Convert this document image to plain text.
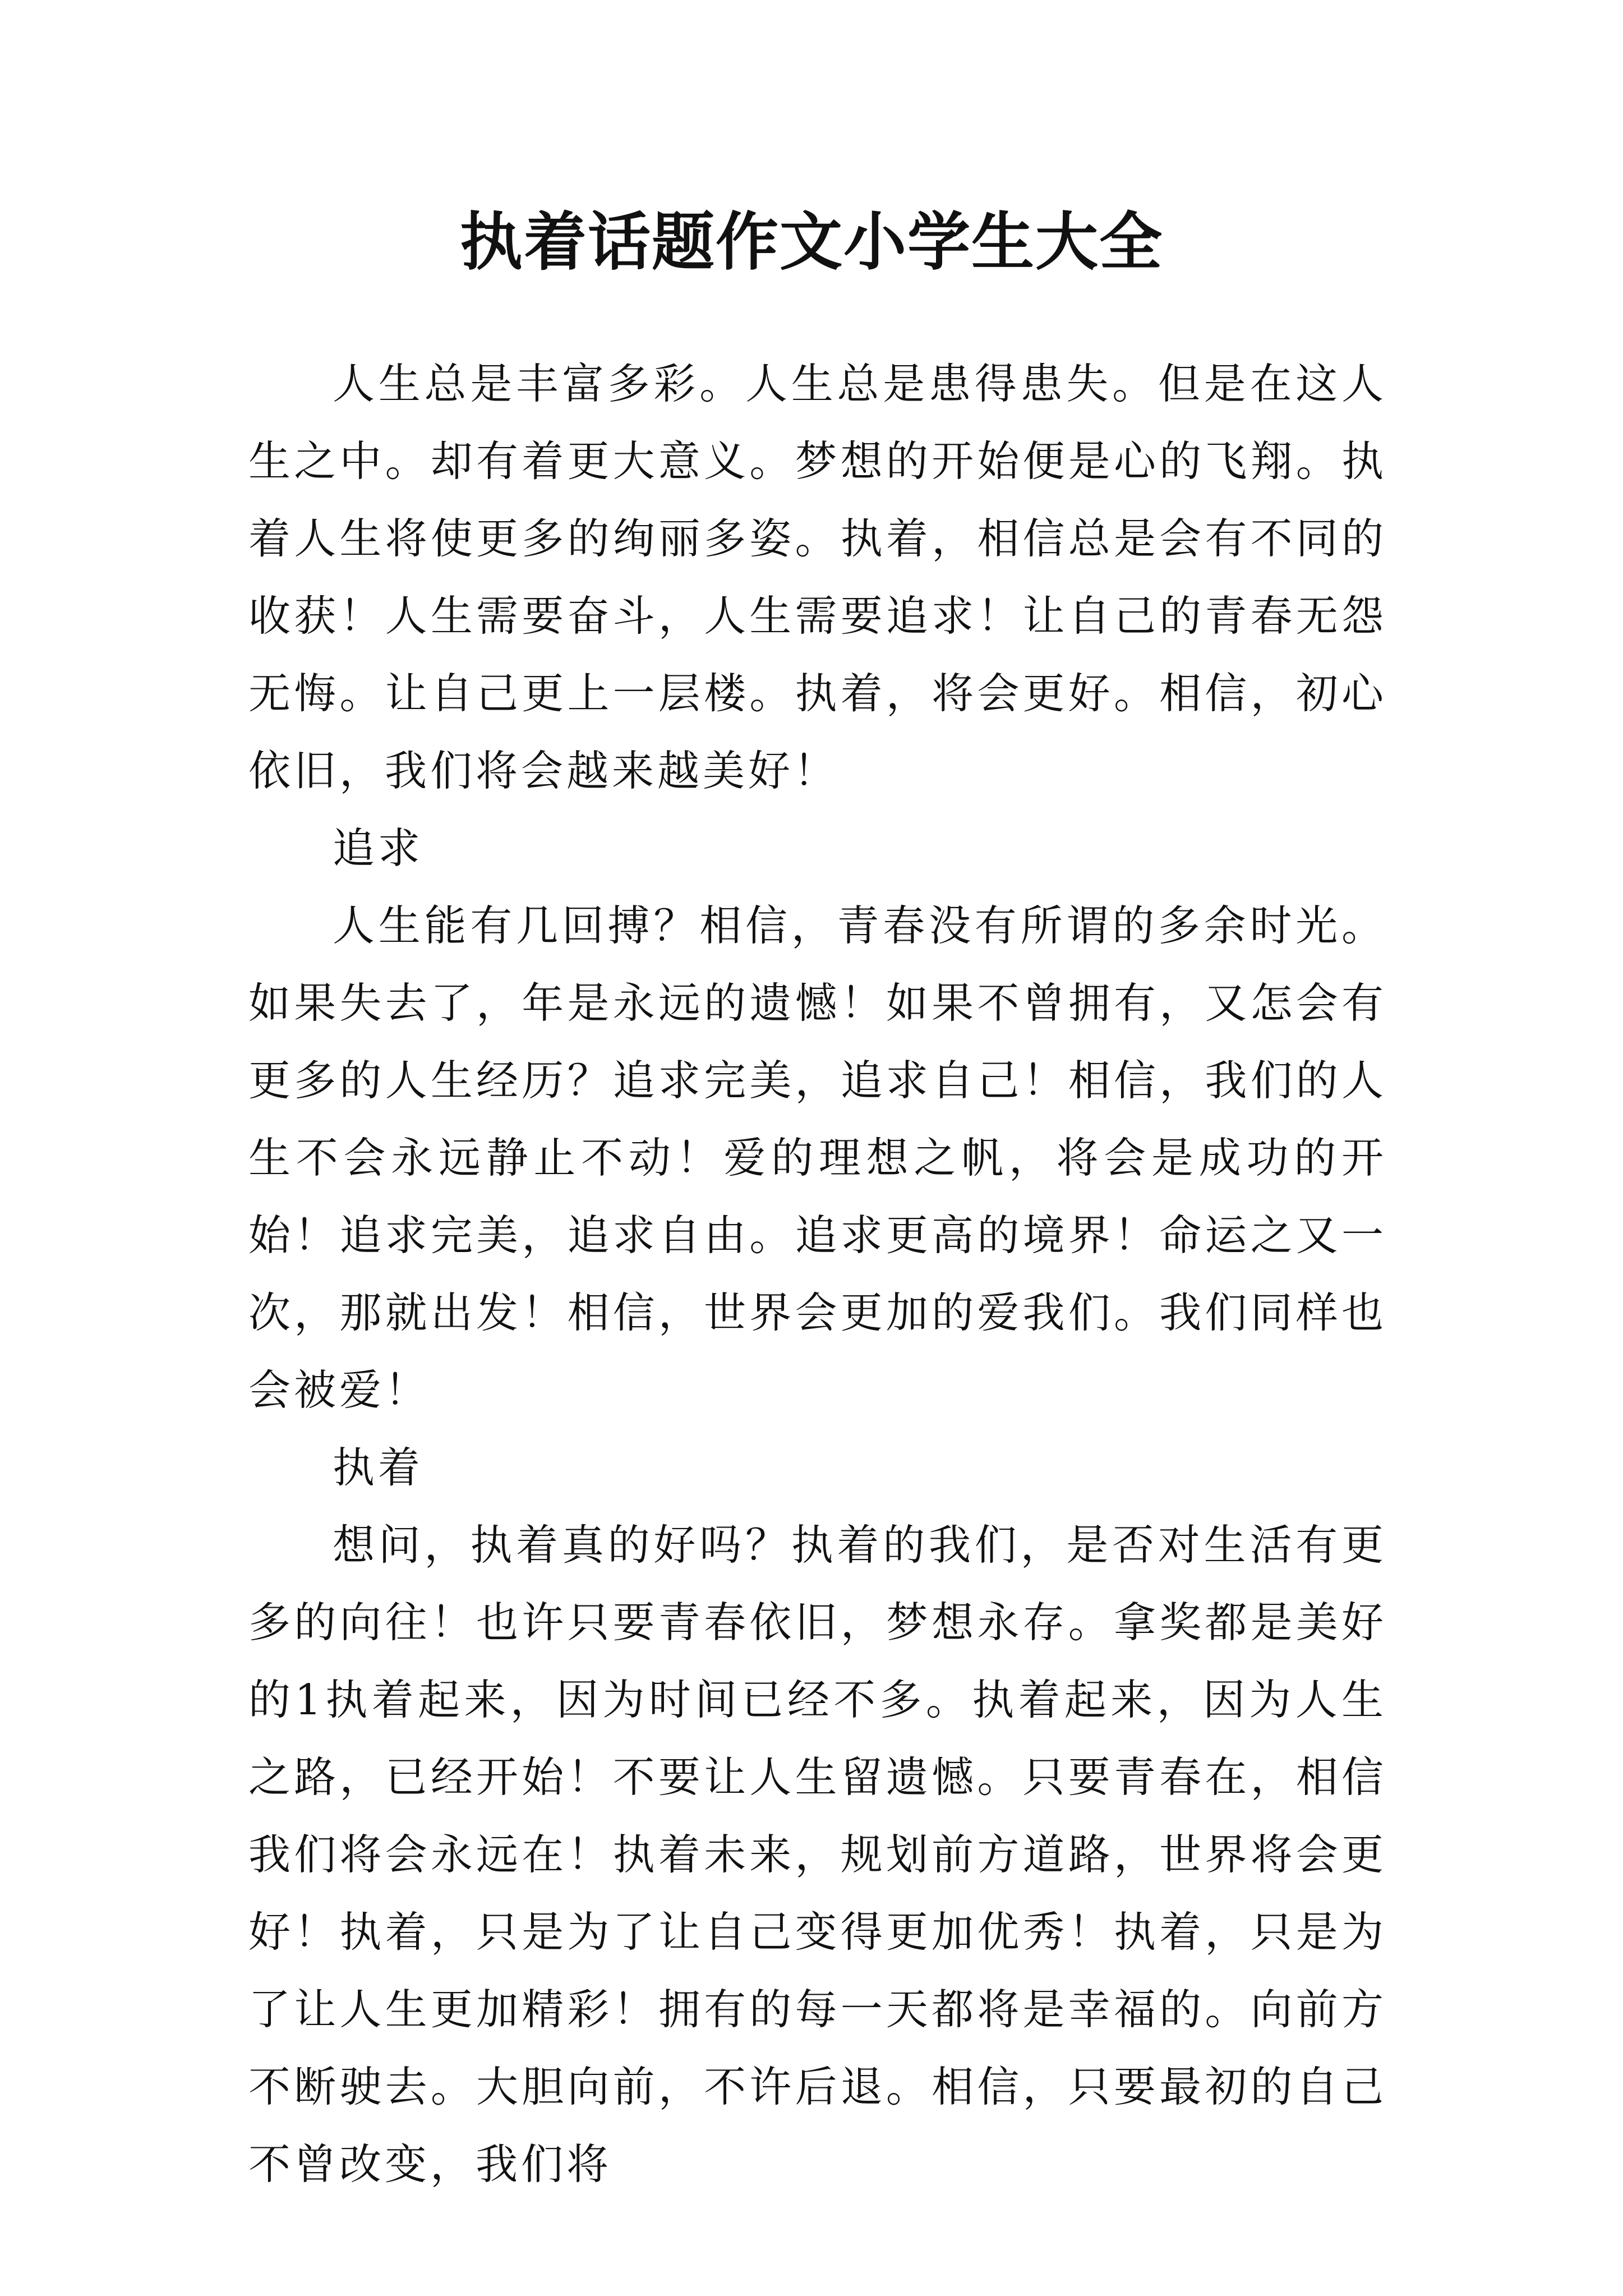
执着话题作文小学生大全

人生总是丰富多彩。人生总是患得患失。但是在这人生之中。却有着更大意义。梦想的开始便是心的飞翔。执着人生将使更多的绚丽多姿。执着，相信总是会有不同的收获！人生需要奋斗，人生需要追求！让自己的青春无怨无悔。让自己更上一层楼。执着，将会更好。相信，初心依旧，我们将会越来越美好！

追求

人生能有几回搏？相信，青春没有所谓的多余时光。如果失去了，年是永远的遗憾！如果不曾拥有，又怎会有更多的人生经历？追求完美，追求自己！相信，我们的人生不会永远静止不动！爱的理想之帆，将会是成功的开始！追求完美，追求自由。追求更高的境界！命运之又一次，那就出发！相信，世界会更加的爱我们。我们同样也会被爱！

执着

想问，执着真的好吗？执着的我们，是否对生活有更多的向往！也许只要青春依旧，梦想永存。拿奖都是美好的1执着起来，因为时间已经不多。执着起来，因为人生之路，已经开始！不要让人生留遗憾。只要青春在，相信我们将会永远在！执着未来，规划前方道路，世界将会更好！执着，只是为了让自己变得更加优秀！执着，只是为了让人生更加精彩！拥有的每一天都将是幸福的。向前方不断驶去。大胆向前，不许后退。相信，只要最初的自己不曾改变，我们将
